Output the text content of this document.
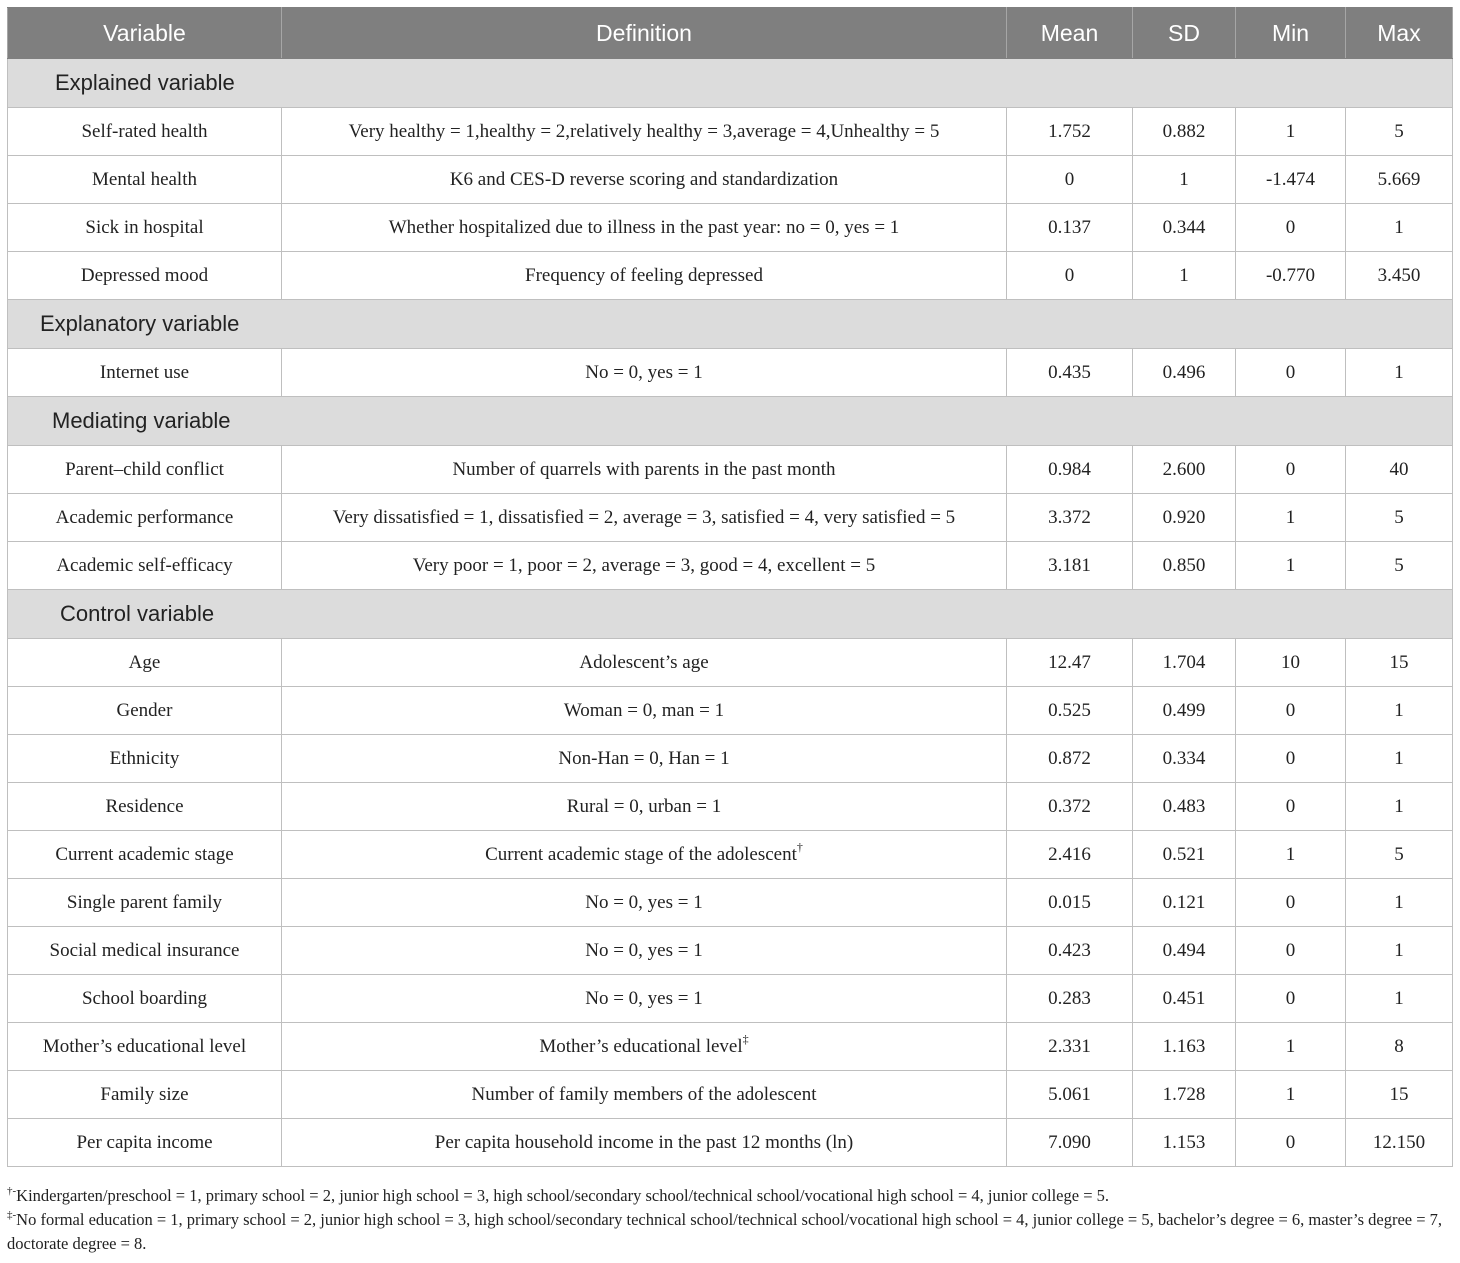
Variable	Definition	Mean	SD	Min	Max
Explained variable					
Self-rated health	Very healthy = 1,healthy = 2,relatively healthy = 3,average = 4,Unhealthy = 5	1.752	0.882	1	5
Mental health	K6 and CES-D reverse scoring and standardization	0	1	-1.474	5.669
Sick in hospital	Whether hospitalized due to illness in the past year: no = 0, yes = 1	0.137	0.344	0	1
Depressed mood	Frequency of feeling depressed	0	1	-0.770	3.450
Explanatory variable					
Internet use	No = 0, yes = 1	0.435	0.496	0	1
Mediating variable					
Parent–child conflict	Number of quarrels with parents in the past month	0.984	2.600	0	40
Academic performance	Very dissatisfied = 1, dissatisfied = 2, average = 3, satisfied = 4, very satisfied = 5	3.372	0.920	1	5
Academic self-efficacy	Very poor = 1, poor = 2, average = 3, good = 4, excellent = 5	3.181	0.850	1	5
Control variable					
Age	Adolescent’s age	12.47	1.704	10	15
Gender	Woman = 0, man = 1	0.525	0.499	0	1
Ethnicity	Non-Han = 0, Han = 1	0.872	0.334	0	1
Residence	Rural = 0, urban = 1	0.372	0.483	0	1
Current academic stage	Current academic stage of the adolescent†	2.416	0.521	1	5
Single parent family	No = 0, yes = 1	0.015	0.121	0	1
Social medical insurance	No = 0, yes = 1	0.423	0.494	0	1
School boarding	No = 0, yes = 1	0.283	0.451	0	1
Mother’s educational level	Mother’s educational level‡	2.331	1.163	1	8
Family size	Number of family members of the adolescent	5.061	1.728	1	15
Per capita income	Per capita household income in the past 12 months (ln)	7.090	1.153	0	12.150

†-Kindergarten/preschool = 1, primary school = 2, junior high school = 3, high school/secondary school/technical school/vocational high school = 4, junior college = 5.

‡-No formal education = 1, primary school = 2, junior high school = 3, high school/secondary technical school/technical school/vocational high school = 4, junior college = 5, bachelor’s degree = 6, master’s degree = 7, doctorate degree = 8.
